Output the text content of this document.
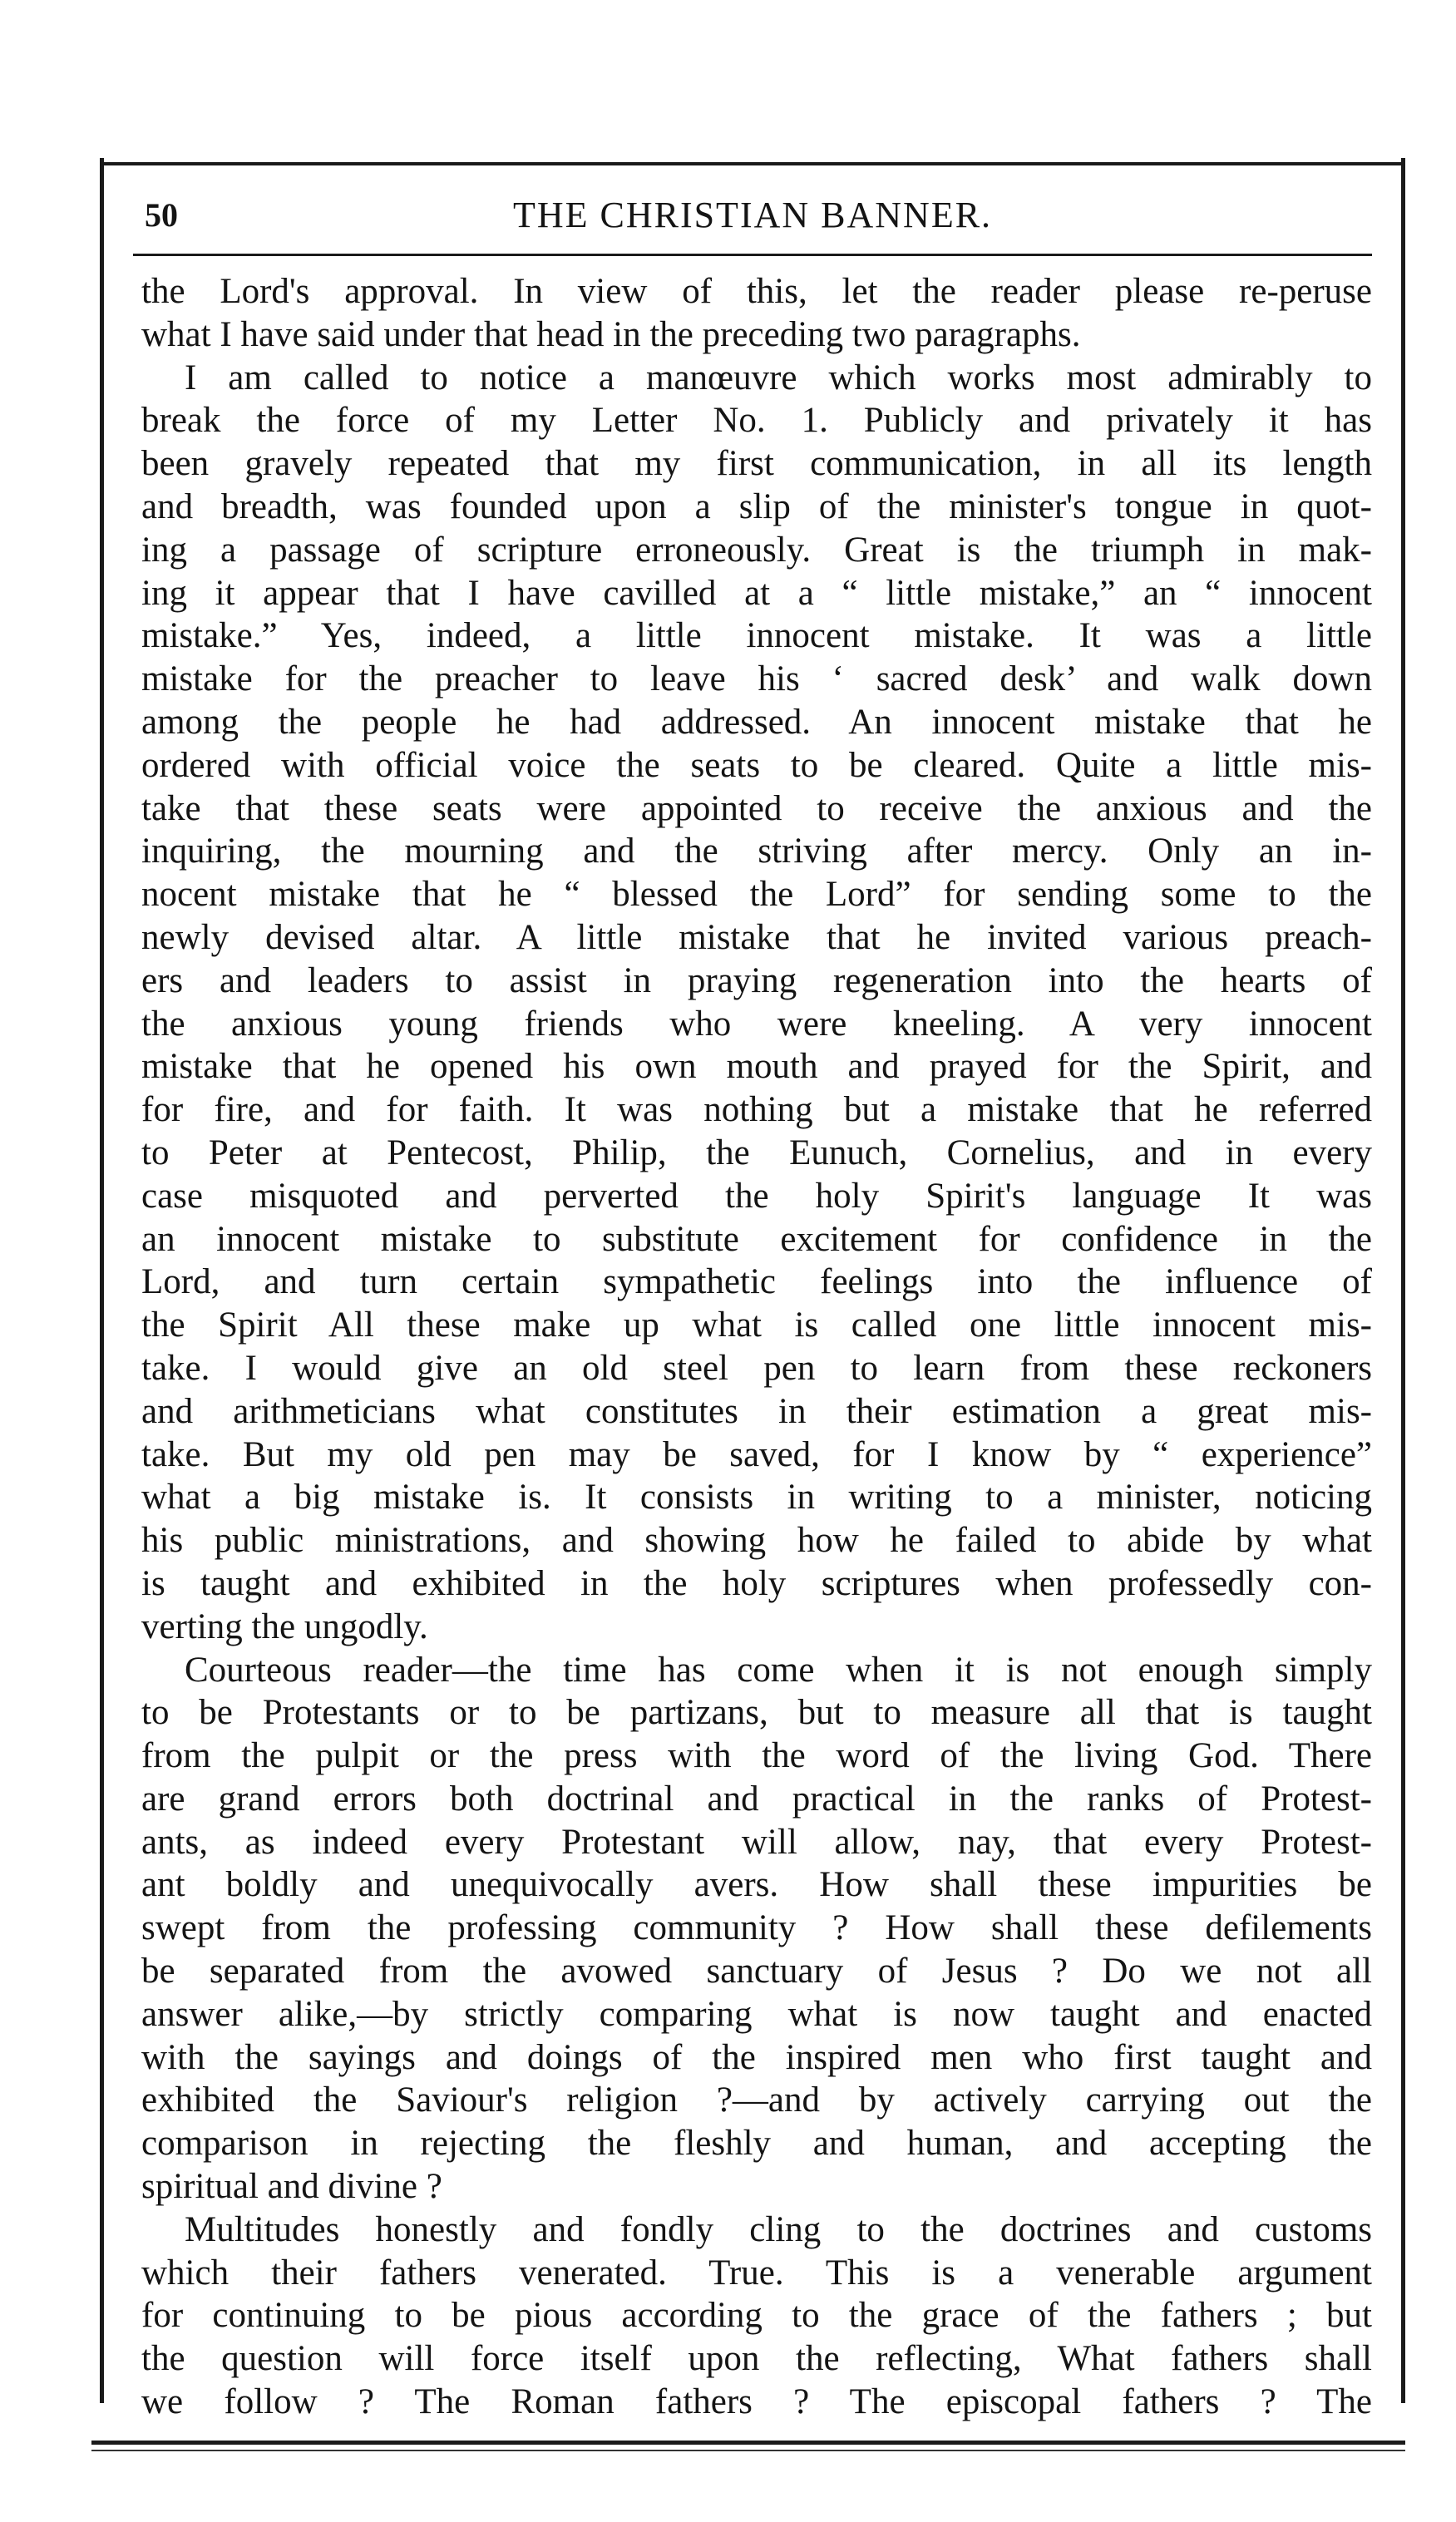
50	THE CHRISTIAN BANNER.
the Lord's approval. In view of this, let the reader please re-peruse
what I have said under that head in the preceding two paragraphs.
I am called to notice a manœuvre which works most admirably to
break the force of my Letter No. 1. Publicly and privately it has
been gravely repeated that my first communication, in all its length
and breadth, was founded upon a slip of the minister's tongue in quot-
ing a passage of scripture erroneously. Great is the triumph in mak-
ing it appear that I have cavilled at a “ little mistake,” an “ innocent
mistake.” Yes, indeed, a little innocent mistake. It was a little
mistake for the preacher to leave his ‘ sacred desk’ and walk down
among the people he had addressed. An innocent mistake that he
ordered with official voice the seats to be cleared. Quite a little mis-
take that these seats were appointed to receive the anxious and the
inquiring, the mourning and the striving after mercy. Only an in-
nocent mistake that he “ blessed the Lord” for sending some to the
newly devised altar. A little mistake that he invited various preach-
ers and leaders to assist in praying regeneration into the hearts of
the anxious young friends who were kneeling. A very innocent
mistake that he opened his own mouth and prayed for the Spirit, and
for fire, and for faith. It was nothing but a mistake that he referred
to Peter at Pentecost, Philip, the Eunuch, Cornelius, and in every
case misquoted and perverted the holy Spirit's language It was
an innocent mistake to substitute excitement for confidence in the
Lord, and turn certain sympathetic feelings into the influence of
the Spirit All these make up what is called one little innocent mis-
take. I would give an old steel pen to learn from these reckoners
and arithmeticians what constitutes in their estimation a great mis-
take. But my old pen may be saved, for I know by “ experience”
what a big mistake is. It consists in writing to a minister, noticing
his public ministrations, and showing how he failed to abide by what
is taught and exhibited in the holy scriptures when professedly con-
verting the ungodly.
Courteous reader—the time has come when it is not enough simply
to be Protestants or to be partizans, but to measure all that is taught
from the pulpit or the press with the word of the living God. There
are grand errors both doctrinal and practical in the ranks of Protest-
ants, as indeed every Protestant will allow, nay, that every Protest-
ant boldly and unequivocally avers. How shall these impurities be
swept from the professing community ? How shall these defilements
be separated from the avowed sanctuary of Jesus ? Do we not all
answer alike,—by strictly comparing what is now taught and enacted
with the sayings and doings of the inspired men who first taught and
exhibited the Saviour's religion ?—and by actively carrying out the
comparison in rejecting the fleshly and human, and accepting the
spiritual and divine ?
Multitudes honestly and fondly cling to the doctrines and customs
which their fathers venerated. True. This is a venerable argument
for continuing to be pious according to the grace of the fathers ; but
the question will force itself upon the reflecting, What fathers shall
we follow ? The Roman fathers ? The episcopal fathers ? The
